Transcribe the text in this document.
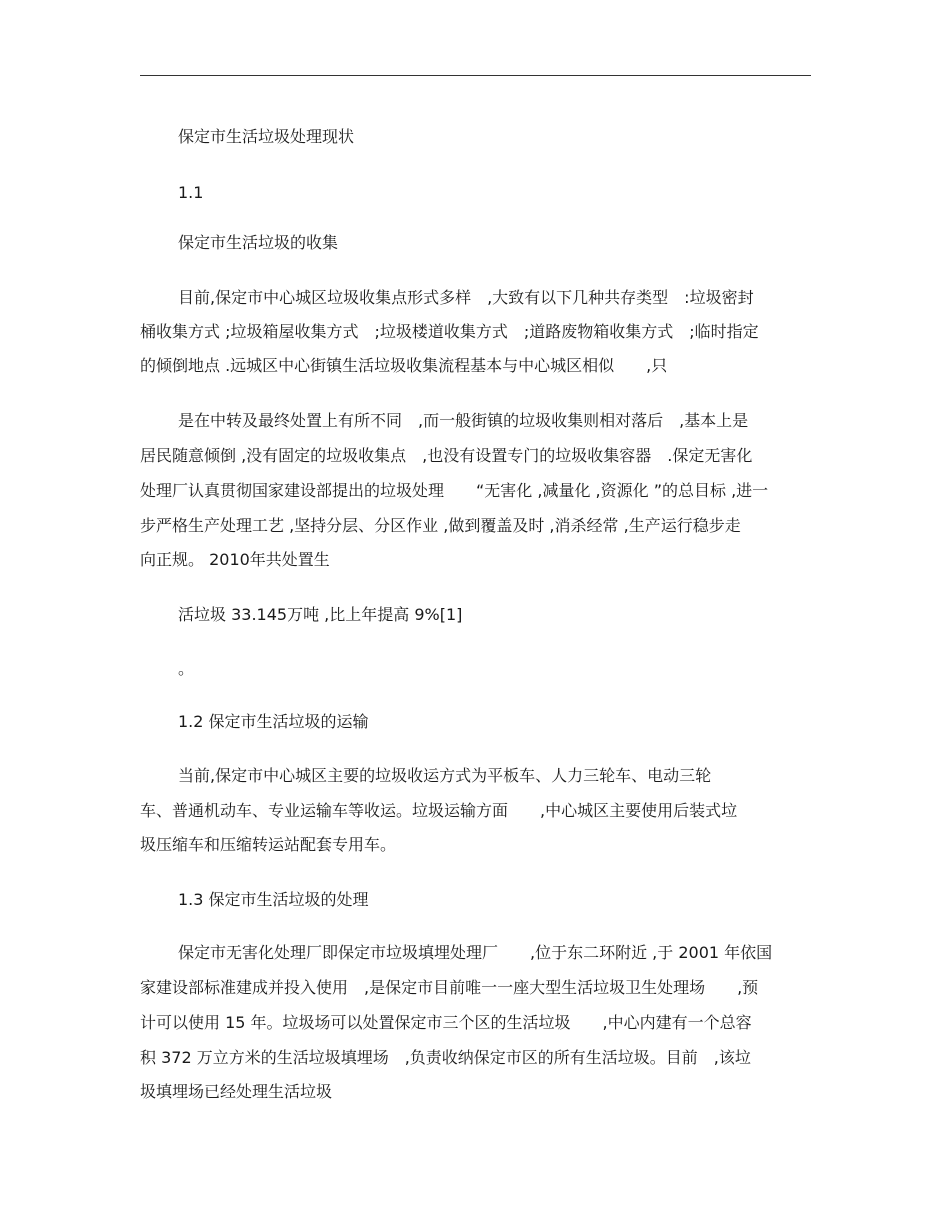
保定市生活垃圾处理现状

1.1

保定市生活垃圾的收集

目前,保定市中心城区垃圾收集点形式多样　,大致有以下几种共存类型　:垃圾密封

桶收集方式 ;垃圾箱屋收集方式　;垃圾楼道收集方式　;道路废物箱收集方式　;临时指定

的倾倒地点 .远城区中心街镇生活垃圾收集流程基本与中心城区相似　　,只

是在中转及最终处置上有所不同　,而一般街镇的垃圾收集则相对落后　,基本上是

居民随意倾倒 ,没有固定的垃圾收集点　,也没有设置专门的垃圾收集容器　.保定无害化

处理厂认真贯彻国家建设部提出的垃圾处理　　“无害化 ,减量化 ,资源化 ”的总目标 ,进一

步严格生产处理工艺 ,坚持分层、分区作业 ,做到覆盖及时 ,消杀经常 ,生产运行稳步走

向正规。 2010年共处置生

活垃圾 33.145万吨 ,比上年提高 9%[1]

。

1.2 保定市生活垃圾的运输

当前,保定市中心城区主要的垃圾收运方式为平板车、人力三轮车、电动三轮

车、普通机动车、专业运输车等收运。垃圾运输方面　　,中心城区主要使用后装式垃

圾压缩车和压缩转运站配套专用车。

1.3 保定市生活垃圾的处理

保定市无害化处理厂即保定市垃圾填埋处理厂　　,位于东二环附近 ,于 2001 年依国

家建设部标准建成并投入使用　,是保定市目前唯一一座大型生活垃圾卫生处理场　　,预

计可以使用 15 年。垃圾场可以处置保定市三个区的生活垃圾　　,中心内建有一个总容

积 372 万立方米的生活垃圾填埋场　,负责收纳保定市区的所有生活垃圾。目前　,该垃

圾填埋场已经处理生活垃圾
